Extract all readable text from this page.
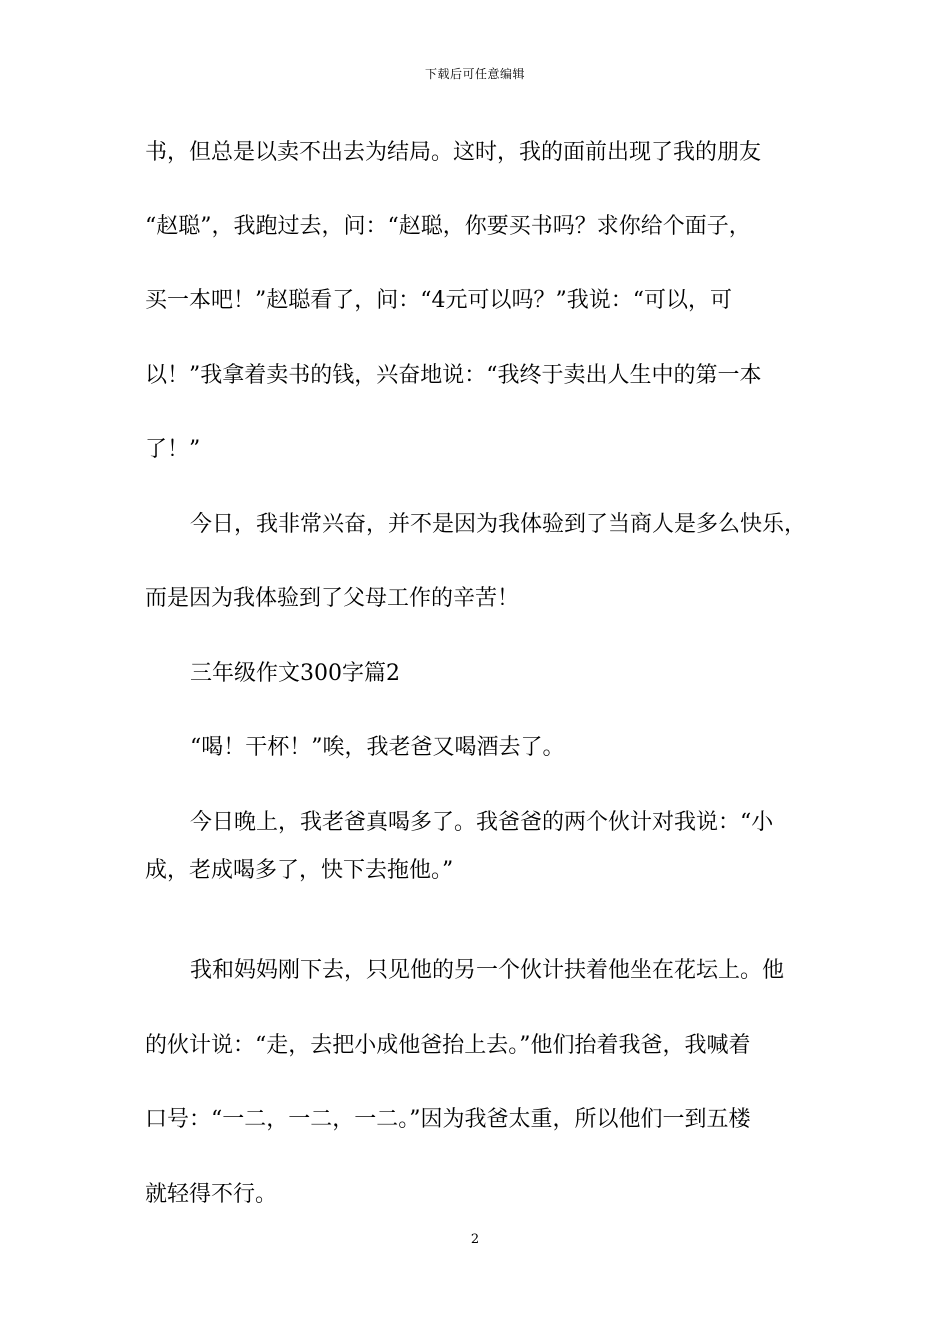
下载后可任意编辑
书，但总是以卖不出去为结局。这时，我的面前出现了我的朋友
“赵聪”，我跑过去，问：“赵聪，你要买书吗？求你给个面子，
买一本吧！”赵聪看了，问：“4元可以吗？”我说：“可以，可
以！”我拿着卖书的钱，兴奋地说：“我终于卖出人生中的第一本
了！”
今日，我非常兴奋，并不是因为我体验到了当商人是多么快乐，
而是因为我体验到了父母工作的辛苦！
三年级作文300字篇2
“喝！干杯！”唉，我老爸又喝酒去了。
今日晚上，我老爸真喝多了。我爸爸的两个伙计对我说：“小
成，老成喝多了，快下去拖他。”
我和妈妈刚下去，只见他的另一个伙计扶着他坐在花坛上。他
的伙计说：“走，去把小成他爸抬上去。”他们抬着我爸，我喊着
口号：“一二，一二，一二。”因为我爸太重，所以他们一到五楼
就轻得不行。
2
